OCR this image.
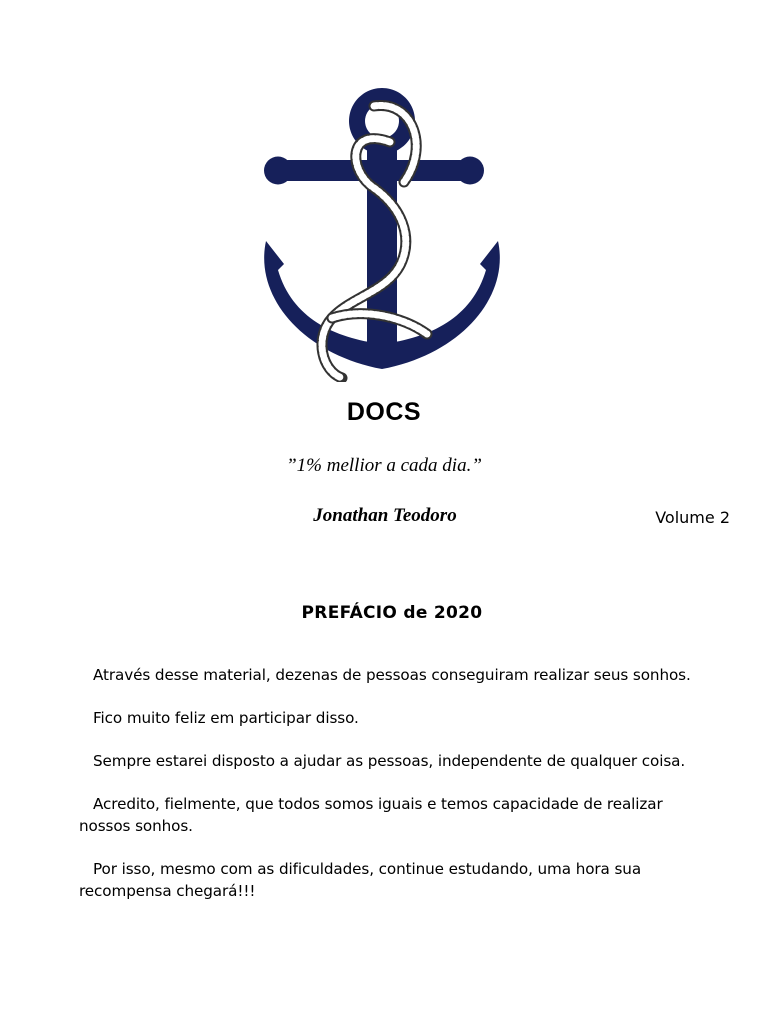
DOCS
”1% mellior a cada dia.”
Jonathan Teodoro	Volume 2
PREFÁCIO de 2020

Através desse material, dezenas de pessoas conseguiram realizar seus sonhos.

Fico muito feliz em participar disso.

Sempre estarei disposto a ajudar as pessoas, independente de qualquer coisa.

Acredito, fielmente, que todos somos iguais e temos capacidade de realizar nossos sonhos.

Por isso, mesmo com as dificuldades, continue estudando, uma hora sua recompensa chegará!!!
